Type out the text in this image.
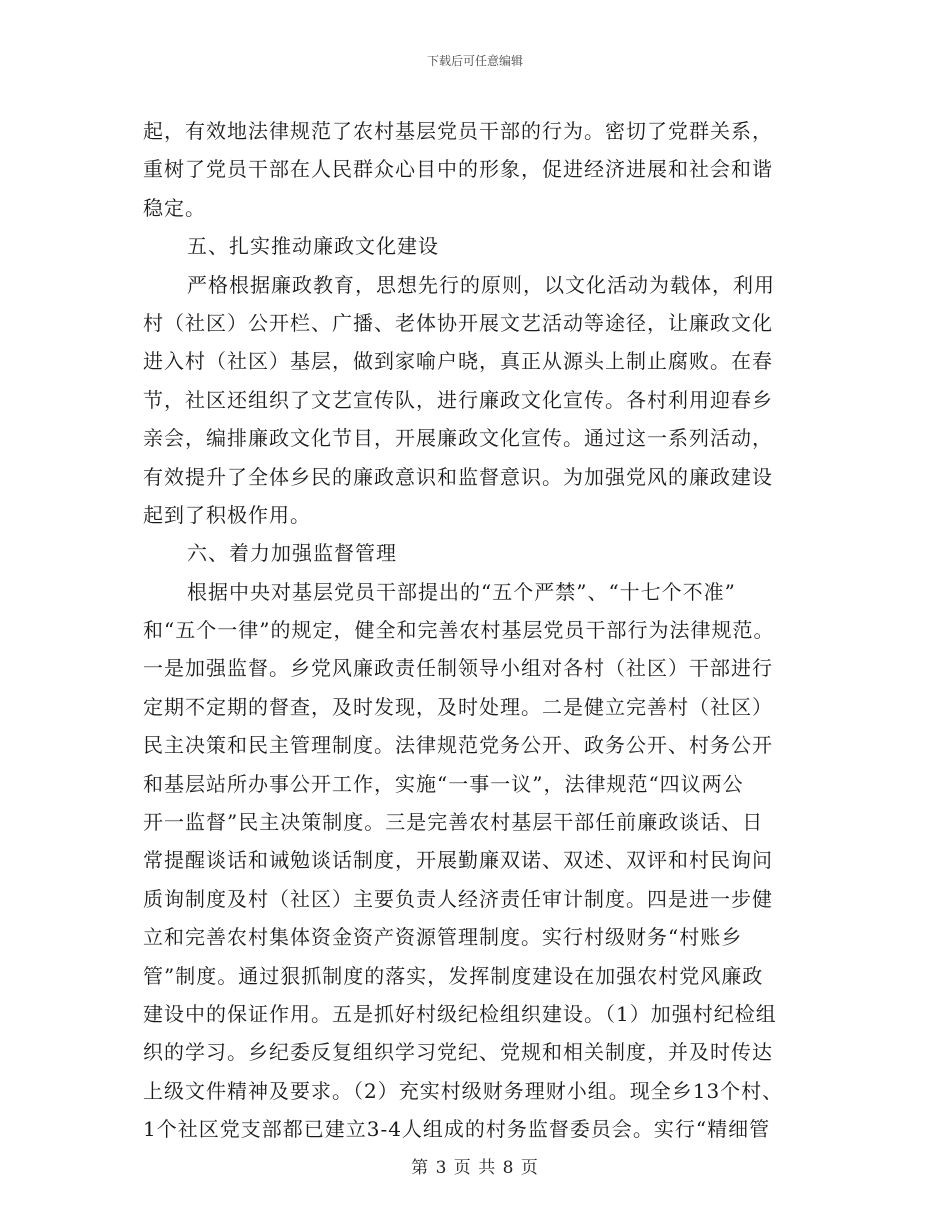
下载后可任意编辑
起，有效地法律规范了农村基层党员干部的行为。密切了党群关系，
重树了党员干部在人民群众心目中的形象，促进经济进展和社会和谐
稳定。
五、扎实推动廉政文化建设
严格根据廉政教育，思想先行的原则，以文化活动为载体，利用
村（社区）公开栏、广播、老体协开展文艺活动等途径，让廉政文化
进入村（社区）基层，做到家喻户晓，真正从源头上制止腐败。在春
节，社区还组织了文艺宣传队，进行廉政文化宣传。各村利用迎春乡
亲会，编排廉政文化节目，开展廉政文化宣传。通过这一系列活动，
有效提升了全体乡民的廉政意识和监督意识。为加强党风的廉政建设
起到了积极作用。
六、着力加强监督管理
根据中央对基层党员干部提出的“五个严禁”、“十七个不准”
和“五个一律”的规定，健全和完善农村基层党员干部行为法律规范。
一是加强监督。乡党风廉政责任制领导小组对各村（社区）干部进行
定期不定期的督查，及时发现，及时处理。二是健立完善村（社区）
民主决策和民主管理制度。法律规范党务公开、政务公开、村务公开
和基层站所办事公开工作，实施“一事一议”，法律规范“四议两公
开一监督”民主决策制度。三是完善农村基层干部任前廉政谈话、日
常提醒谈话和诫勉谈话制度，开展勤廉双诺、双述、双评和村民询问
质询制度及村（社区）主要负责人经济责任审计制度。四是进一步健
立和完善农村集体资金资产资源管理制度。实行村级财务“村账乡
管”制度。通过狠抓制度的落实，发挥制度建设在加强农村党风廉政
建设中的保证作用。五是抓好村级纪检组织建设。（1）加强村纪检组
织的学习。乡纪委反复组织学习党纪、党规和相关制度，并及时传达
上级文件精神及要求。（2）充实村级财务理财小组。现全乡13个村、
1个社区党支部都已建立3-4人组成的村务监督委员会。实行“精细管
第 3 页 共 8 页
